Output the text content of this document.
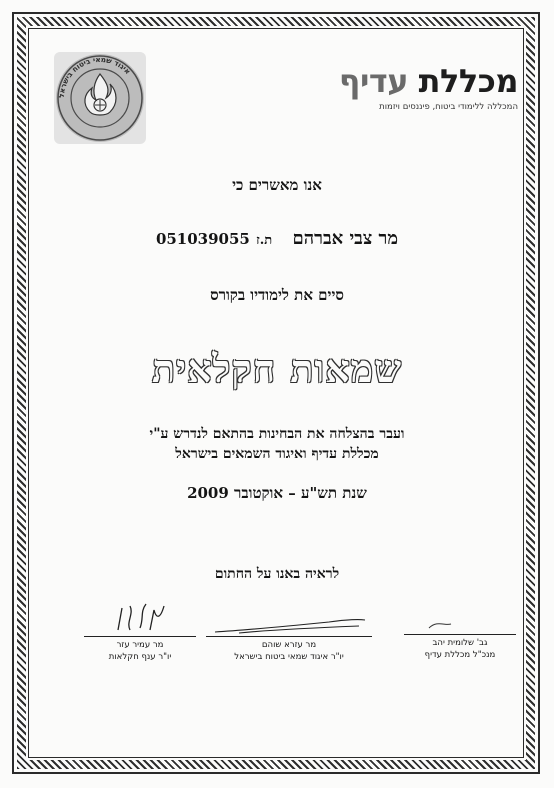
מכללת עדיף
המכללה ללימודי ביטוח, פיננסים ויזמות
איגוד שמאי ביטוח בישראל
אנו מאשרים כי
מר צבי אברהם ת.ז 051039055
סיים את לימודיו בקורס
שמאות חקלאית
ועבר בהצלחה את הבחינות בהתאם לנדרש ע"י
מכללת עדיף ואיגוד השמאים בישראל
שנת תש"ע – אוקטובר 2009
לראיה באנו על החתום
גב' שלומית יהב
מנכ"ל מכללת עדיף
מר עזרא שוהם
יו"ר איגוד שמאי ביטוח בישראל
מר עמיר עזר
יו"ר ענף חקלאות
